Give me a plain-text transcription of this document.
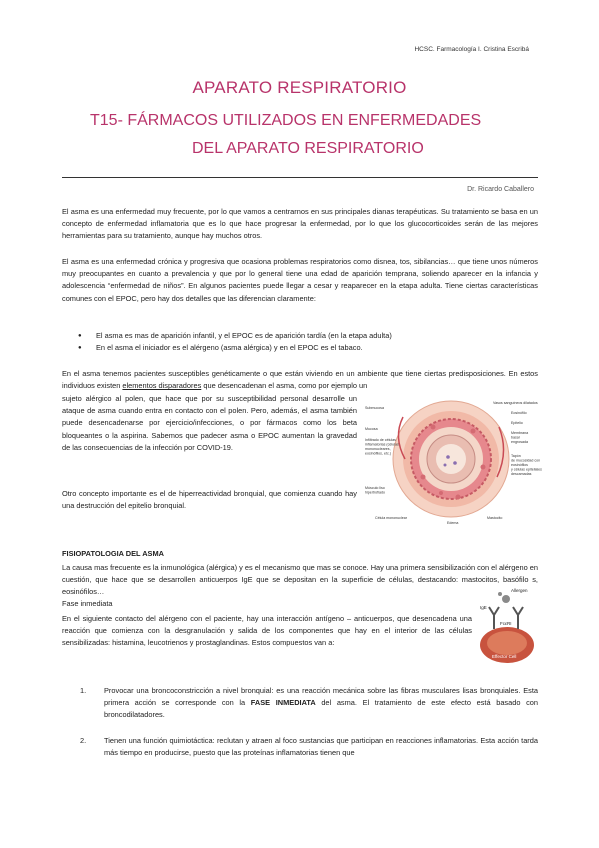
HCSC. Farmacología I. Cristina Escribá
APARATO RESPIRATORIO
T15- FÁRMACOS UTILIZADOS EN ENFERMEDADES
DEL APARATO RESPIRATORIO
Dr. Ricardo Caballero
El asma es una enfermedad muy frecuente, por lo que vamos a centrarnos en sus principales dianas terapéuticas. Su tratamiento se basa en un concepto de enfermedad inflamatoria que es lo que hace progresar la enfermedad, por lo que los glucocorticoides serán de las mejores herramientas para su tratamiento, aunque hay muchos otros.
El asma es una enfermedad crónica y progresiva que ocasiona problemas respiratorios como disnea, tos, sibilancias… que tiene unos números muy preocupantes en cuanto a prevalencia y que por lo general tiene una edad de aparición temprana, soliendo aparecer en la infancia y adolescencia “enfermedad de niños”. En algunos pacientes puede llegar a cesar y reaparecer en la etapa adulta. Tiene ciertas características comunes con el EPOC, pero hay dos detalles que las diferencian claramente:
● El asma es mas de aparición infantil, y el EPOC es de aparición tardía (en la etapa adulta)
● En el asma el iniciador es el alérgeno (asma alérgica) y en el EPOC es el tabaco.
En el asma tenemos pacientes susceptibles genéticamente o que están viviendo en un ambiente que tiene ciertas predisposiciones. En estos individuos existen elementos disparadores que desencadenan el asma, como por ejemplo un
sujeto alérgico al polen, que hace que por su susceptibilidad personal desarrolle un ataque de asma cuando entra en contacto con el polen. Pero, además, el asma también puede desencadenarse por ejercicio/infecciones, o por fármacos como los beta bloqueantes o la aspirina. Sabemos que padecer asma o EPOC aumentan la gravedad de las consecuencias de la infección por COVID-19.
Otro concepto importante es el de hiperreactividad bronquial, que comienza cuando hay una destrucción del epitelio bronquial.
Submucosa
Mucosa
Infiltrado de células
inflamatorias (células
mononucleares,
eosinófilos, etc.)
Músculo liso
hipertrofiado
Célula mononuclear
Vasos sanguíneos dilatados
Eosinófilo
Epitelio
Membrana
basal
engrosada
Tapón
de mucosidad con
eosinófilos
y células epiteliales
descamadas
Edema
Mastocito
FISIOPATOLOGIA DEL ASMA
La causa mas frecuente es la inmunológica (alérgica) y es el mecanismo que mas se conoce. Hay una primera sensibilización con el alérgeno en cuestión, que hace que se desarrollen anticuerpos IgE que se depositan en la superficie de células, destacando: mastocitos, basófilo s, eosinófilos…
Fase inmediata
En el siguiente contacto del alérgeno con el paciente, hay una interacción antígeno – anticuerpos, que desencadena una reacción que comienza con la desgranulación y salida de los componentes que hay en el interior de las células sensibilizadas: histamina, leucotrienos y prostaglandinas. Estos compuestos van a:
Allergen
IgE
FcεRI
Effector Cell
1. Provocar una broncoconstricción a nivel bronquial: es una reacción mecánica sobre las fibras musculares lisas bronquiales. Esta primera acción se corresponde con la FASE INMEDIATA del asma. El tratamiento de este efecto está basado con broncodilatadores.
2. Tienen una función quimiotáctica: reclutan y atraen al foco sustancias que participan en reacciones inflamatorias. Esta acción tarda más tiempo en producirse, puesto que las proteínas inflamatorias tienen que
